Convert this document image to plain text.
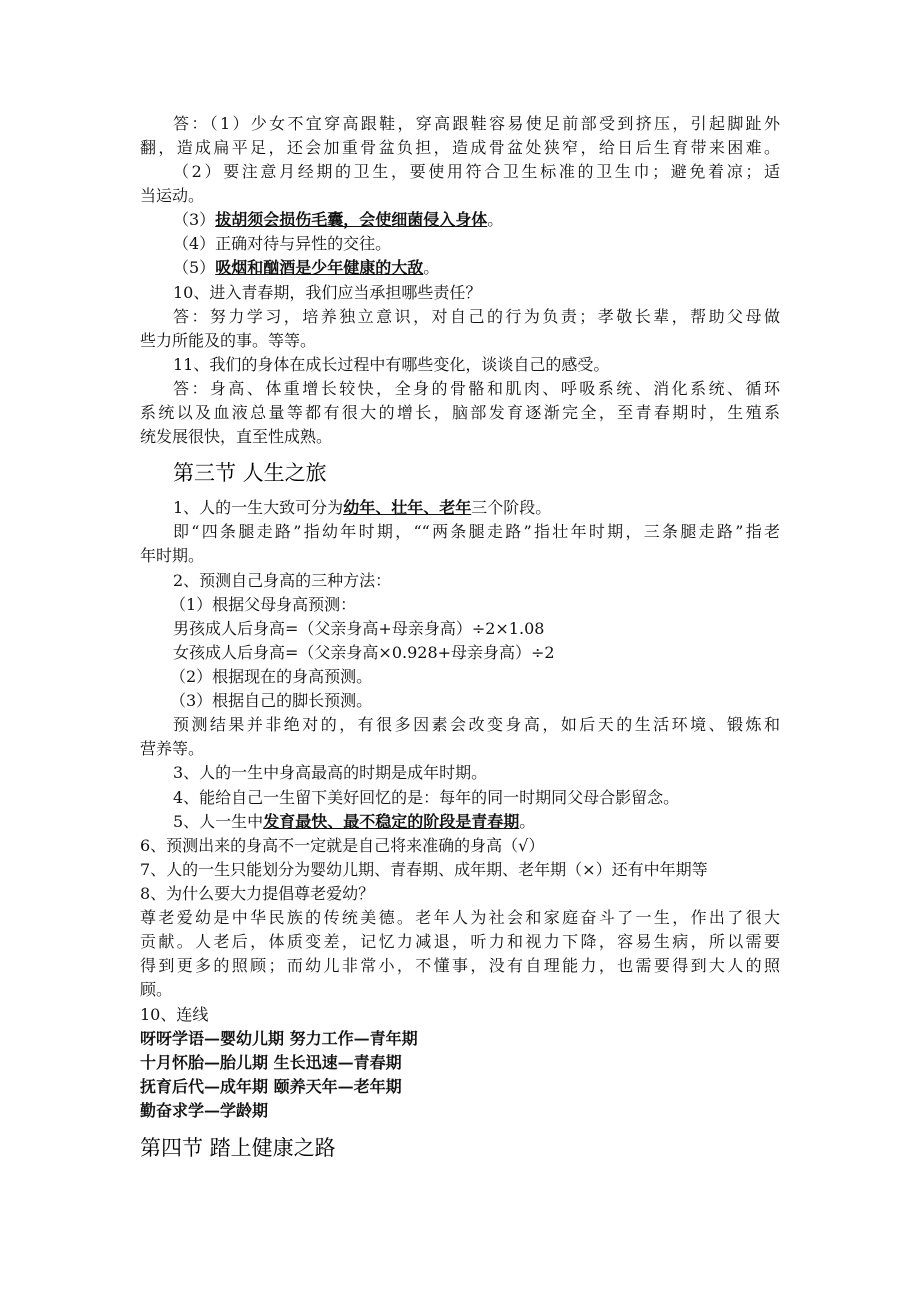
答：（1）少女不宜穿高跟鞋，穿高跟鞋容易使足前部受到挤压，引起脚趾外
翻，造成扁平足，还会加重骨盆负担，造成骨盆处狭窄，给日后生育带来困难。
（2）要注意月经期的卫生，要使用符合卫生标准的卫生巾；避免着凉；适
当运动。
（3）拔胡须会损伤毛囊，会使细菌侵入身体。
（4）正确对待与异性的交往。
（5）吸烟和酗酒是少年健康的大敌。
10、进入青春期，我们应当承担哪些责任？
答：努力学习，培养独立意识，对自己的行为负责；孝敬长辈，帮助父母做
些力所能及的事。等等。
11、我们的身体在成长过程中有哪些变化，谈谈自己的感受。
答：身高、体重增长较快，全身的骨骼和肌肉、呼吸系统、消化系统、循环
系统以及血液总量等都有很大的增长，脑部发育逐渐完全，至青春期时，生殖系
统发展很快，直至性成熟。
第三节 人生之旅
1、人的一生大致可分为幼年、壮年、老年三个阶段。
即“四条腿走路”指幼年时期，““两条腿走路”指壮年时期，三条腿走路”指老
年时期。
2、预测自己身高的三种方法：
（1）根据父母身高预测：
男孩成人后身高=（父亲身高+母亲身高）÷2×1.08
女孩成人后身高=（父亲身高×0.928+母亲身高）÷2
（2）根据现在的身高预测。
（3）根据自己的脚长预测。
预测结果并非绝对的，有很多因素会改变身高，如后天的生活环境、锻炼和
营养等。
3、人的一生中身高最高的时期是成年时期。
4、能给自己一生留下美好回忆的是：每年的同一时期同父母合影留念。
5、人一生中发育最快、最不稳定的阶段是青春期。
6、预测出来的身高不一定就是自己将来准确的身高（√）
7、人的一生只能划分为婴幼儿期、青春期、成年期、老年期（×）还有中年期等
8、为什么要大力提倡尊老爱幼？
尊老爱幼是中华民族的传统美德。老年人为社会和家庭奋斗了一生，作出了很大
贡献。人老后，体质变差，记忆力减退，听力和视力下降，容易生病，所以需要
得到更多的照顾；而幼儿非常小，不懂事，没有自理能力，也需要得到大人的照
顾。
10、连线
呀呀学语—婴幼儿期 努力工作—青年期
十月怀胎—胎儿期 生长迅速—青春期
抚育后代—成年期 颐养天年—老年期
勤奋求学—学龄期
第四节 踏上健康之路
